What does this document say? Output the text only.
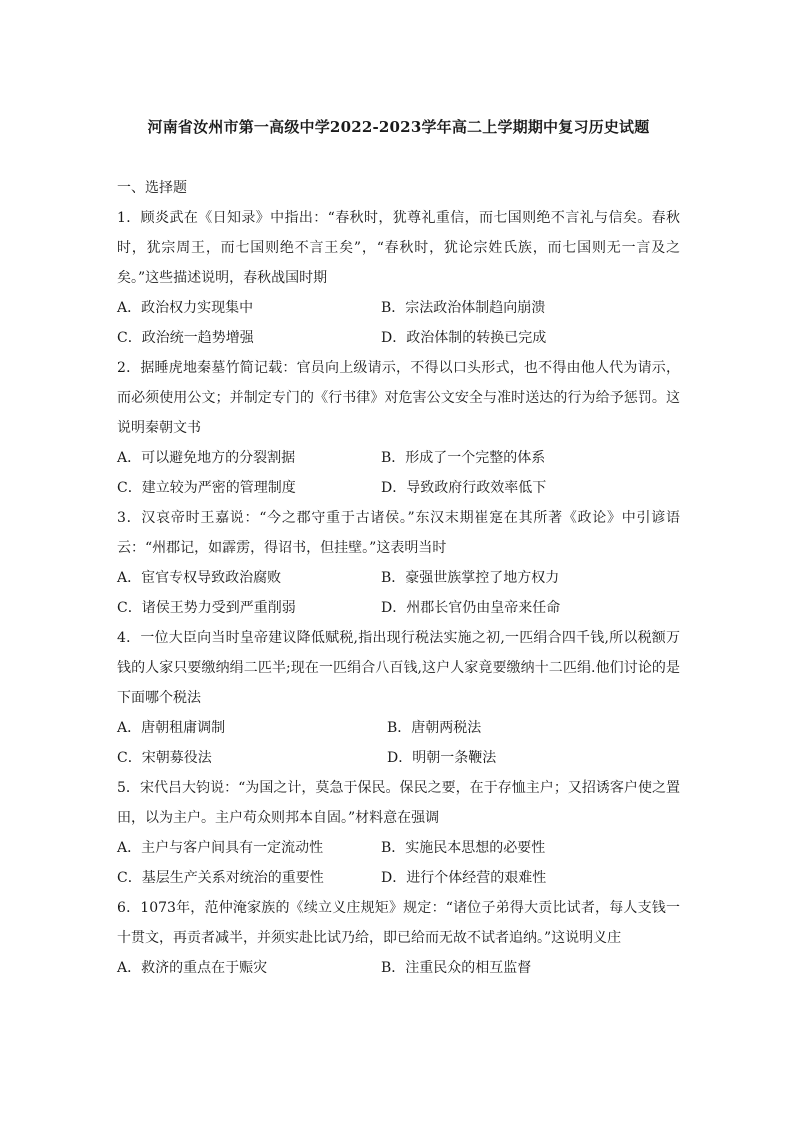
河南省汝州市第一高级中学2022-2023学年高二上学期期中复习历史试题

一、选择题

1．顾炎武在《日知录》中指出：“春秋时，犹尊礼重信，而七国则绝不言礼与信矣。春秋时，犹宗周王，而七国则绝不言王矣”，“春秋时，犹论宗姓氏族，而七国则无一言及之矣。”这些描述说明，春秋战国时期

A．政治权力实现集中	B．宗法政治体制趋向崩溃
C．政治统一趋势增强	D．政治体制的转换已完成

2．据睡虎地秦墓竹简记载：官员向上级请示，不得以口头形式，也不得由他人代为请示，而必须使用公文；并制定专门的《行书律》对危害公文安全与准时送达的行为给予惩罚。这说明秦朝文书

A．可以避免地方的分裂割据	B．形成了一个完整的体系
C．建立较为严密的管理制度	D．导致政府行政效率低下

3．汉哀帝时王嘉说：“今之郡守重于古诸侯。”东汉末期崔寔在其所著《政论》中引谚语云：“州郡记，如霹雳，得诏书，但挂壁。”这表明当时

A．宦官专权导致政治腐败	B．豪强世族掌控了地方权力
C．诸侯王势力受到严重削弱	D．州郡长官仍由皇帝来任命

4．一位大臣向当时皇帝建议降低赋税,指出现行税法实施之初,一匹绢合四千钱,所以税额万钱的人家只要缴纳绢二匹半;现在一匹绢合八百钱,这户人家竟要缴纳十二匹绢.他们讨论的是下面哪个税法

A．唐朝租庸调制	B．唐朝两税法
C．宋朝募役法	D．明朝一条鞭法

5．宋代吕大钧说：“为国之计，莫急于保民。保民之要，在于存恤主户；又招诱客户使之置田，以为主户。主户苟众则邦本自固。”材料意在强调

A．主户与客户间具有一定流动性	B．实施民本思想的必要性
C．基层生产关系对统治的重要性	D．进行个体经营的艰难性

6．1073年，范仲淹家族的《续立义庄规矩》规定：“诸位子弟得大贡比试者，每人支钱一十贯文，再贡者减半，并须实赴比试乃给，即已给而无故不试者追纳。”这说明义庄

A．救济的重点在于赈灾	B．注重民众的相互监督
